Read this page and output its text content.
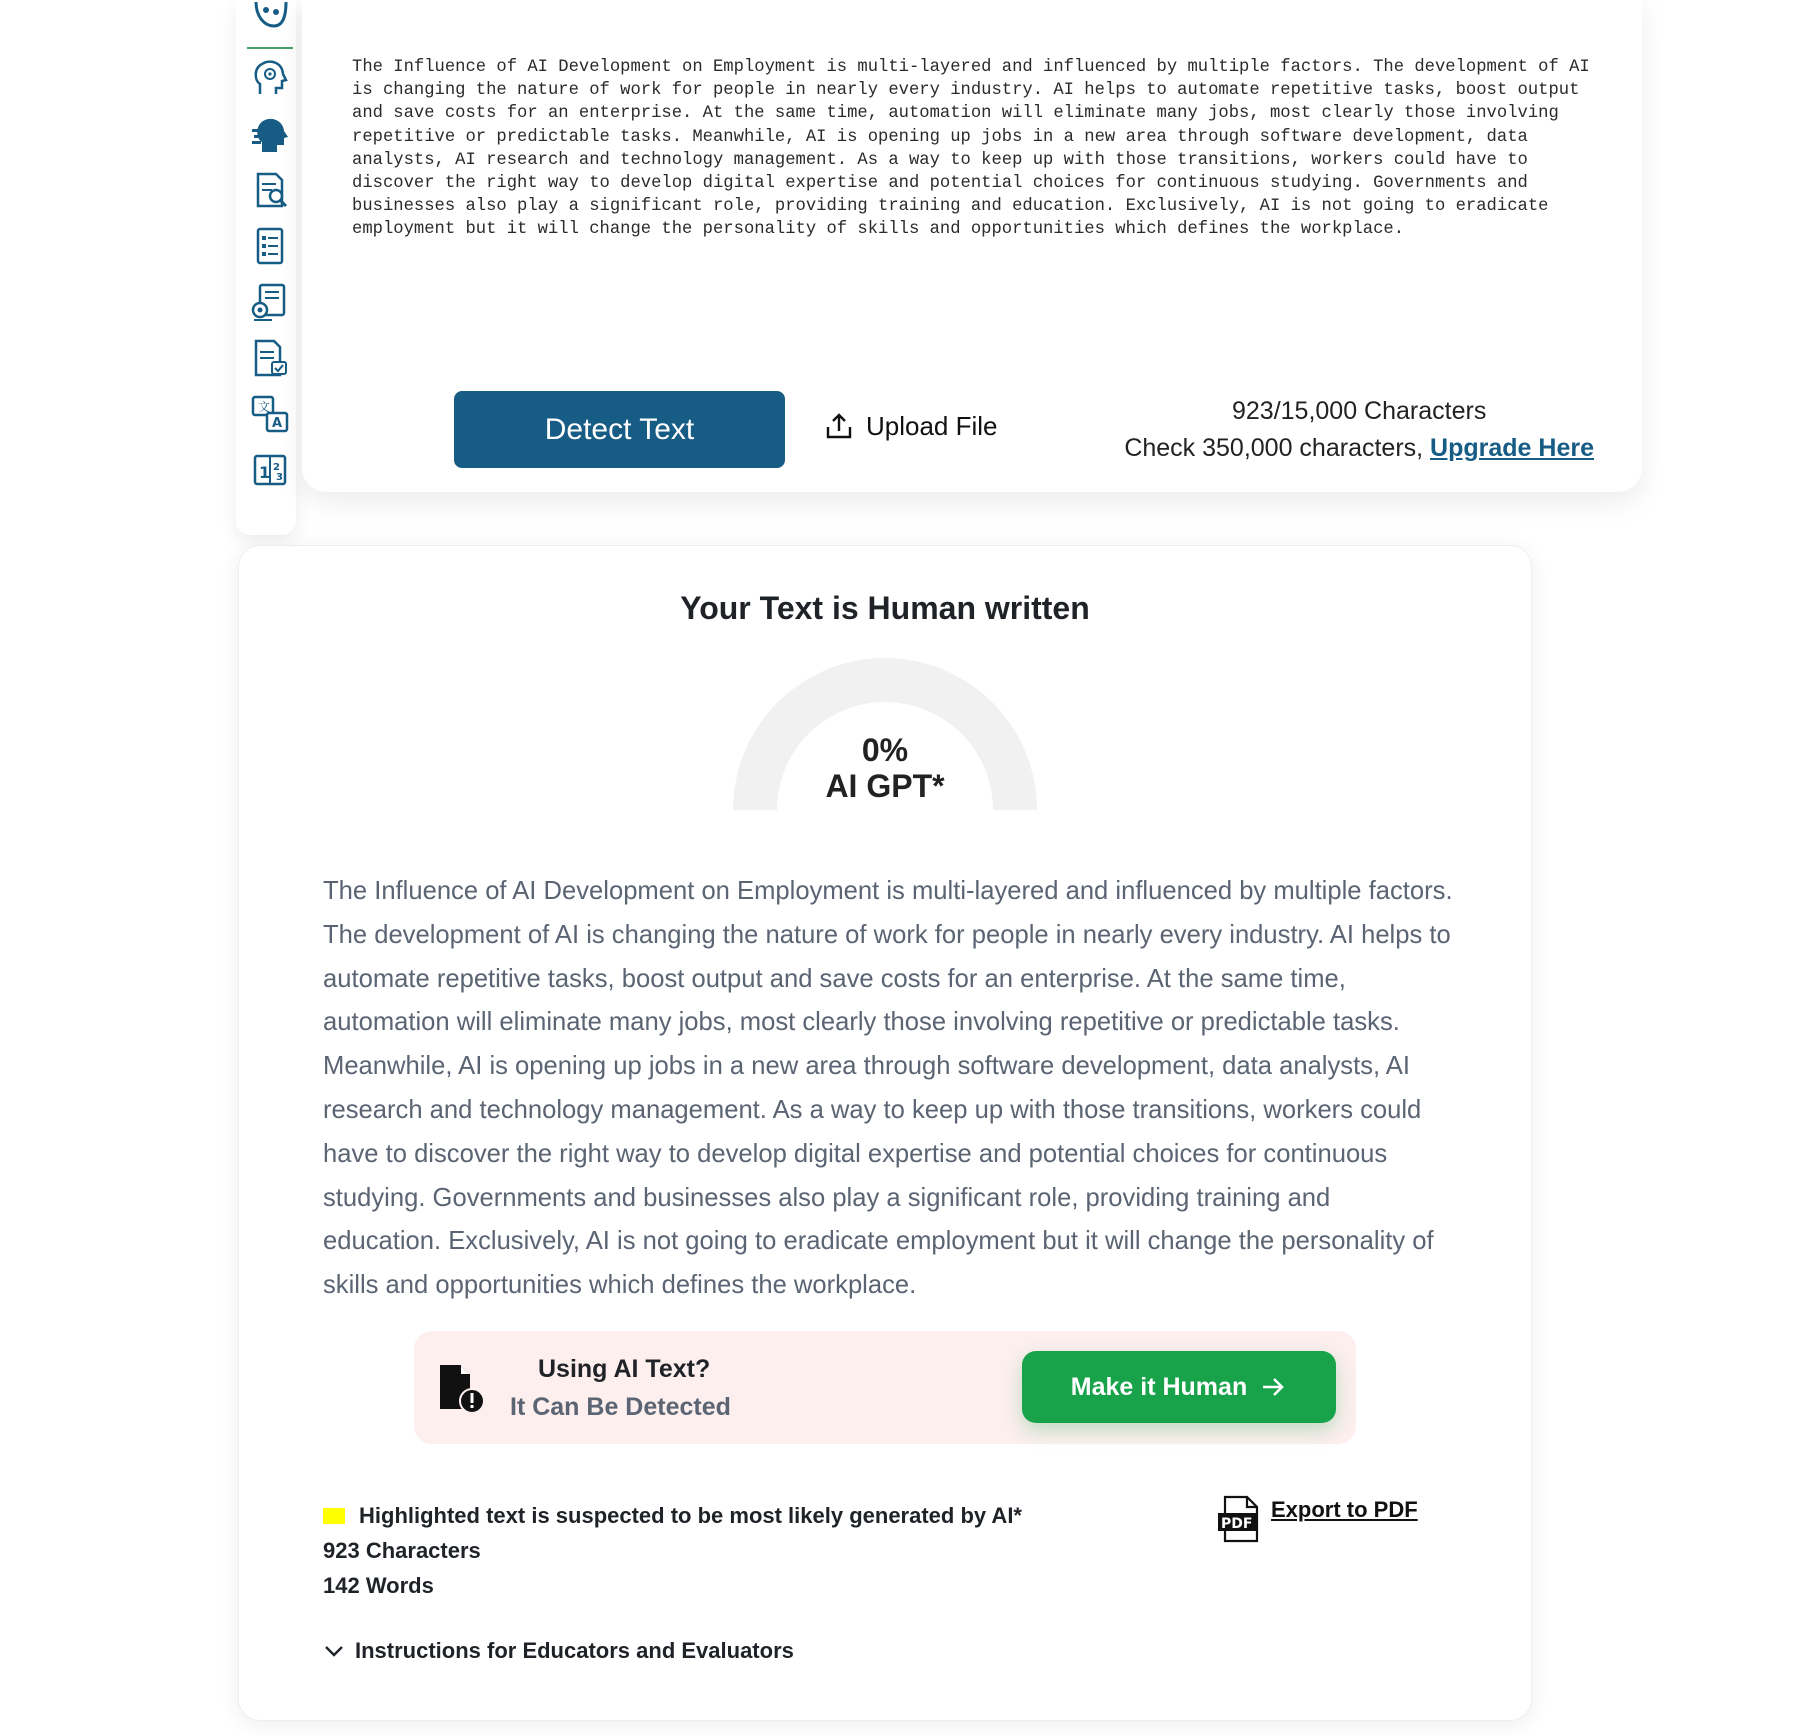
文
A
1 2
3
The Influence of AI Development on Employment is multi-layered and influenced by multiple factors. The development of AI is changing the nature of work for people in nearly every industry. AI helps to automate repetitive tasks, boost output and save costs for an enterprise. At the same time, automation will eliminate many jobs, most clearly those involving repetitive or predictable tasks. Meanwhile, AI is opening up jobs in a new area through software development, data analysts, AI research and technology management. As a way to keep up with those transitions, workers could have to discover the right way to develop digital expertise and potential choices for continuous studying. Governments and businesses also play a significant role, providing training and education. Exclusively, AI is not going to eradicate employment but it will change the personality of skills and opportunities which defines the workplace.
Detect Text	Upload File	923/15,000 Characters
Check 350,000 characters, Upgrade Here
Your Text is Human written
0%
AI GPT*
The Influence of AI Development on Employment is multi-layered and influenced by multiple factors. The development of AI is changing the nature of work for people in nearly every industry. AI helps to automate repetitive tasks, boost output and save costs for an enterprise. At the same time, automation will eliminate many jobs, most clearly those involving repetitive or predictable tasks. Meanwhile, AI is opening up jobs in a new area through software development, data analysts, AI research and technology management. As a way to keep up with those transitions, workers could have to discover the right way to develop digital expertise and potential choices for continuous studying. Governments and businesses also play a significant role, providing training and education. Exclusively, AI is not going to eradicate employment but it will change the personality of skills and opportunities which defines the workplace.
Using AI Text?
It Can Be Detected
Make it Human
Highlighted text is suspected to be most likely generated by AI*
923 Characters
142 Words
PDF
Export to PDF
Instructions for Educators and Evaluators
